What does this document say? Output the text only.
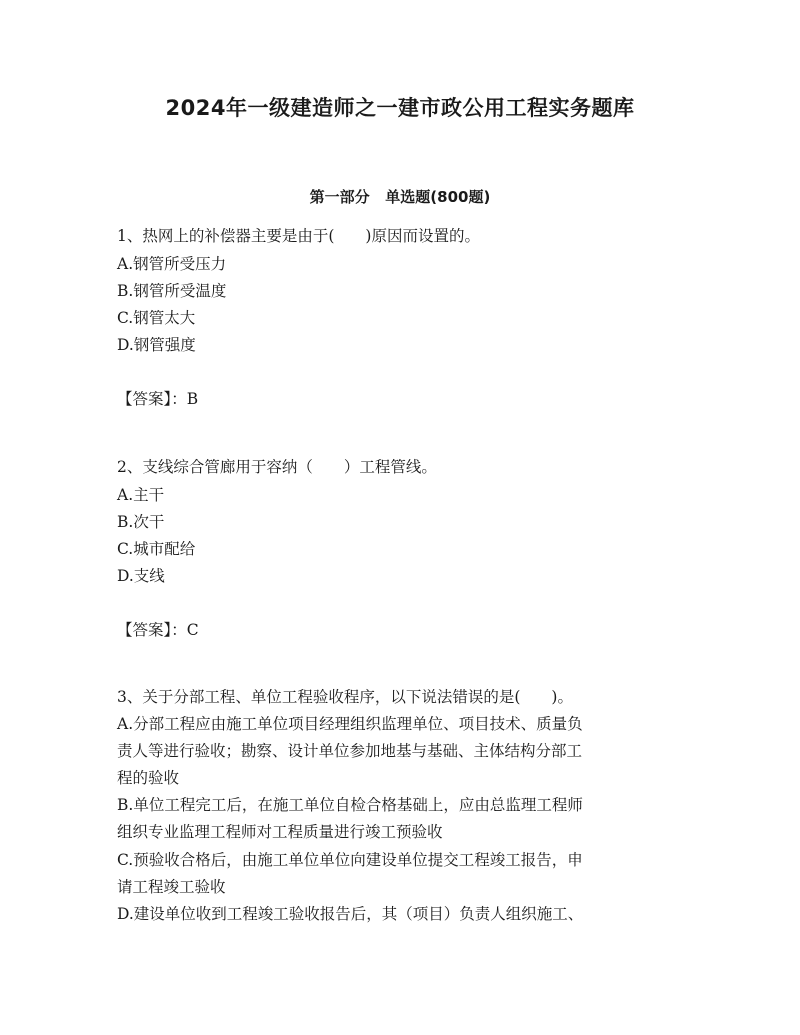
2024年一级建造师之一建市政公用工程实务题库
第一部分   单选题(800题)
1、热网上的补偿器主要是由于(　　)原因而设置的。
A.钢管所受压力
B.钢管所受温度
C.钢管太大
D.钢管强度
【答案】：B
2、支线综合管廊用于容纳（　　）工程管线。
A.主干
B.次干
C.城市配给
D.支线
【答案】：C
3、关于分部工程、单位工程验收程序，以下说法错误的是(　　)。
A.分部工程应由施工单位项目经理组织监理单位、项目技术、质量负
责人等进行验收；勘察、设计单位参加地基与基础、主体结构分部工
程的验收
B.单位工程完工后，在施工单位自检合格基础上，应由总监理工程师
组织专业监理工程师对工程质量进行竣工预验收
C.预验收合格后，由施工单位单位向建设单位提交工程竣工报告，申
请工程竣工验收
D.建设单位收到工程竣工验收报告后，其（项目）负责人组织施工、
